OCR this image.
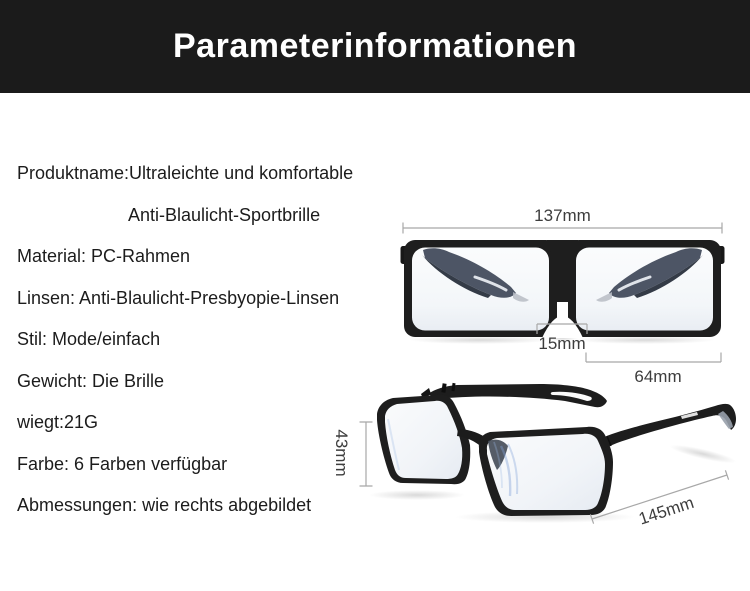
Parameterinformationen
Produktname:Ultraleichte und komfortable
Anti-Blaulicht-Sportbrille
Material: PC-Rahmen
Linsen: Anti-Blaulicht-Presbyopie-Linsen
Stil: Mode/einfach
Gewicht: Die Brille
wiegt:21G
Farbe: 6 Farben verfügbar
Abmessungen: wie rechts abgebildet
137mm
15mm
64mm
43mm
145mm
